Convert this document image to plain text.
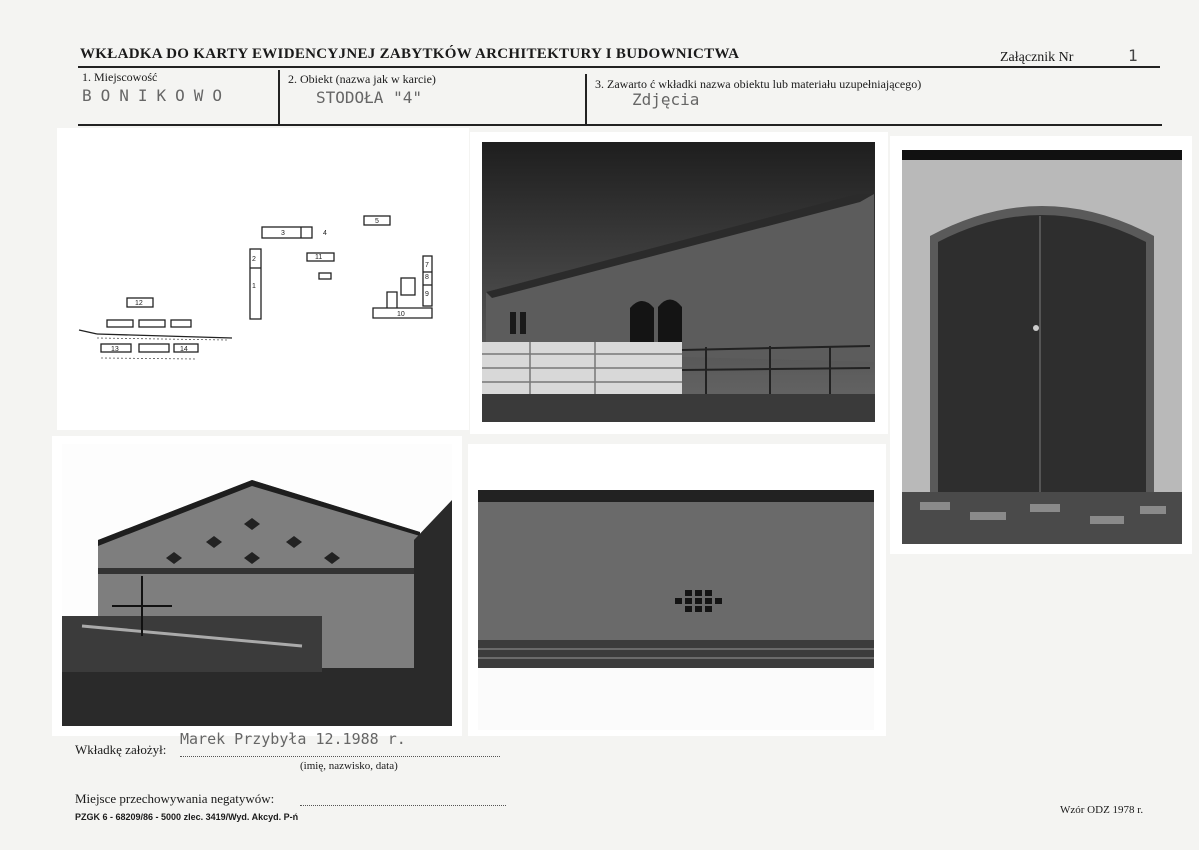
WKŁADKA DO KARTY EWIDENCYJNEJ ZABYTKÓW ARCHITEKTURY I BUDOWNICTWA	Załącznik Nr	1
1. Miejscowość
BONIKOWO
2. Obiekt (nazwa jak w karcie)
STODOŁA "4"
3. Zawarto ć wkładki nazwa obiektu lub materiału uzupełniającego)
Zdjęcia
3	4
5
1
2
7
8
9
10
11
12
13	14
Wkładkę założył:
Marek Przybyła 12.1988 r.
(imię, nazwisko, data)
Miejsce przechowywania negatywów:
PZGK 6 - 68209/86 - 5000 zlec. 3419/Wyd. Akcyd. P-ń
Wzór ODZ 1978 r.
